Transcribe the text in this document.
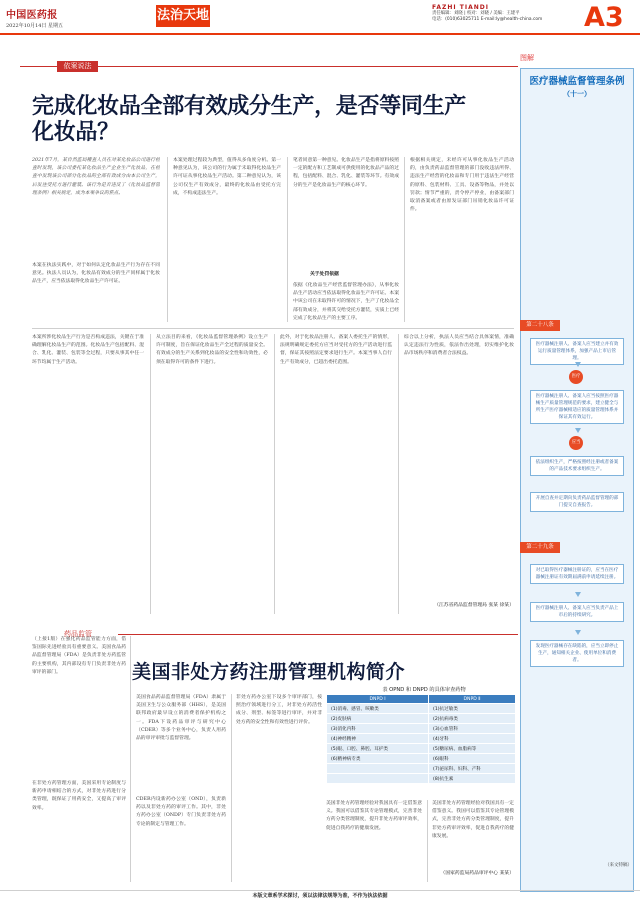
中国医药报
2022年10月14日 星期五
法治天地
FAZHI TIANDI
责任编辑：刘晓 | 校对：刘晓 / 美编：王建平
电话：(010)63025711 E-mail:ly@health-china.com A3
依案说法
完成化妆品全部有效成分生产，是否等同生产化妆品？
2021年7月，某自然监局稽查人员在对某化妆品公司进行检查时发现，该公司委托某化妆品生产企业生产化妆品，在检查中发现该公司部分化妆品的全部有效成分由本公司生产，后发往受托方进行灌装。该行为是否违反了《化妆品监督管理条例》相关规定，成为本案争议的焦点。
本案在执法实践中，对于如何认定化妆品生产行为存在不同意见。执法人员认为，化妆品有效成分的生产同样属于化妆品生产，应当依法取得化妆品生产许可证。
本案处理过程较为典型，值得从多角度分析。第一种意见认为，该公司的行为属于未取得化妆品生产许可证从事化妆品生产活动。第二种意见认为，该公司仅生产有效成分，最终的化妆品由受托方完成，不构成违法生产。
笔者同意第一种意见。化妆品生产是指将原料按照一定的配方和工艺制成可供使用的化妆品产品的过程，包括配料、混合、乳化、灌装等环节。有效成分的生产是化妆品生产的核心环节。
关于处罚依据
依据《化妆品生产经营监督管理办法》，从事化妆品生产活动应当依法取得化妆品生产许可证。本案中该公司在未取得许可的情况下，生产了化妆品全部有效成分，并将其交给受托方灌装，实质上已经完成了化妆品生产的主要工序。
根据相关规定，未经许可从事化妆品生产活动的，由负责药品监督管理的部门没收违法所得、违法生产经营的化妆品和专门用于违法生产经营的原料、包装材料、工具、设备等物品，并处以罚款；情节严重的，责令停产停业，由备案部门取消备案或者由原发证部门吊销化妆品许可证件。
本案所涉化妆品生产行为是否构成违法，关键在于准确理解化妆品生产的范围。化妆品生产包括配料、混合、乳化、灌装、包装等全过程，只要从事其中任一环节均属于生产活动。
从立法目的来看，《化妆品监督管理条例》设立生产许可制度，旨在保证化妆品生产全过程的质量安全。有效成分的生产关系到化妆品的安全性和功效性，必须在取得许可的条件下进行。
此外，对于化妆品注册人、备案人委托生产的情形，法规明确规定委托方应当对受托方的生产活动进行监督，保证其按照法定要求进行生产。本案当事人自行生产有效成分，已超出委托范围。
综合以上分析，执法人员应当结合具体案情，准确认定违法行为性质，依法作出处理，切实维护化妆品市场秩序和消费者合法权益。
（江苏省药品监督管理局 张某 徐某）
图解
医疗器械监督管理条例
（十一）
第二十八条
医疗器械注册人、备案人应当建立并有效运行质量管理体系，加强产品上市后管理。
医疗
医疗器械注册人、备案人应当按照医疗器械生产质量管理规范的要求，建立健全与所生产医疗器械相适应的质量管理体系并保证其有效运行。
应当
依法组织生产，严格按照经注册或者备案的产品技术要求组织生产。
开展自查并定期向负责药品监督管理的部门提交自查报告。
第二十九条
对已取得医疗器械注册证的，应当在医疗器械注册证有效期届满前申请延续注册。
医疗器械注册人、备案人应当负责产品上市后的持续研究。
发现医疗器械存在缺陷的，应当立即停止生产，通知相关企业、使用单位和消费者。
（来文特稿）
药品监管
美国非处方药注册管理机构简介
（上接1版）在强化药品监管能力方面，借鉴国际先进经验具有重要意义。美国食品药品监督管理局（FDA）是负责非处方药监管的主要机构，其内部设有专门负责非处方药审评的部门。
在非处方药管理方面，美国采用专论制度与新药申请相结合的方式，对非处方药进行分类管理，既保证了用药安全，又提高了审评效率。
美国食品药品监督管理局（FDA）隶属于美国卫生与公众服务部（HHS），是美国联邦政府最早设立的消费者保护机构之一。FDA下设药品审评与研究中心（CDER）等多个业务中心，负责人用药品的审评审批与监督管理。
CDER内设新药办公室（OND），负责新药以及非处方药的审评工作。其中，非处方药办公室（ONDP）专门负责非处方药专论的制定与管理工作。
非处方药办公室下设多个审评部门，按照治疗领域进行分工，对非处方药活性成分、剂型、标签等进行审评，并对非处方药的安全性和有效性进行评价。
表 OPND 和 DNPD 的具体审查药物
DNPD Ⅰ	DNPD Ⅱ
(1)消毒、感冒、咳嗽类	(1)抗过敏类
(2)皮肤病	(2)抗病毒类
(3)消化内科	(3)心血管科
(4)神经精神	(4)牙科
(5)眼、口腔、鼻腔、耳护类	(5)糖尿病、血脂病等
(6)精神病专类	(6)眼科
	(7)泌尿科、妇科、产科
	(8)抗生素
美国非处方药管理经验对我国具有一定借鉴意义。我国可以借鉴其专论管理模式，完善非处方药分类管理制度，提升非处方药审评效率，促进自我药疗的健康发展。
美国非处方药管理经验对我国具有一定借鉴意义。我国可以借鉴其专论管理模式，完善非处方药分类管理制度，提升非处方药审评效率，促进自我药疗的健康发展。
（国家药监局药品审评中心 某某）
本版文章系学术探讨，须以法律法规等为准，不作为执法依据
